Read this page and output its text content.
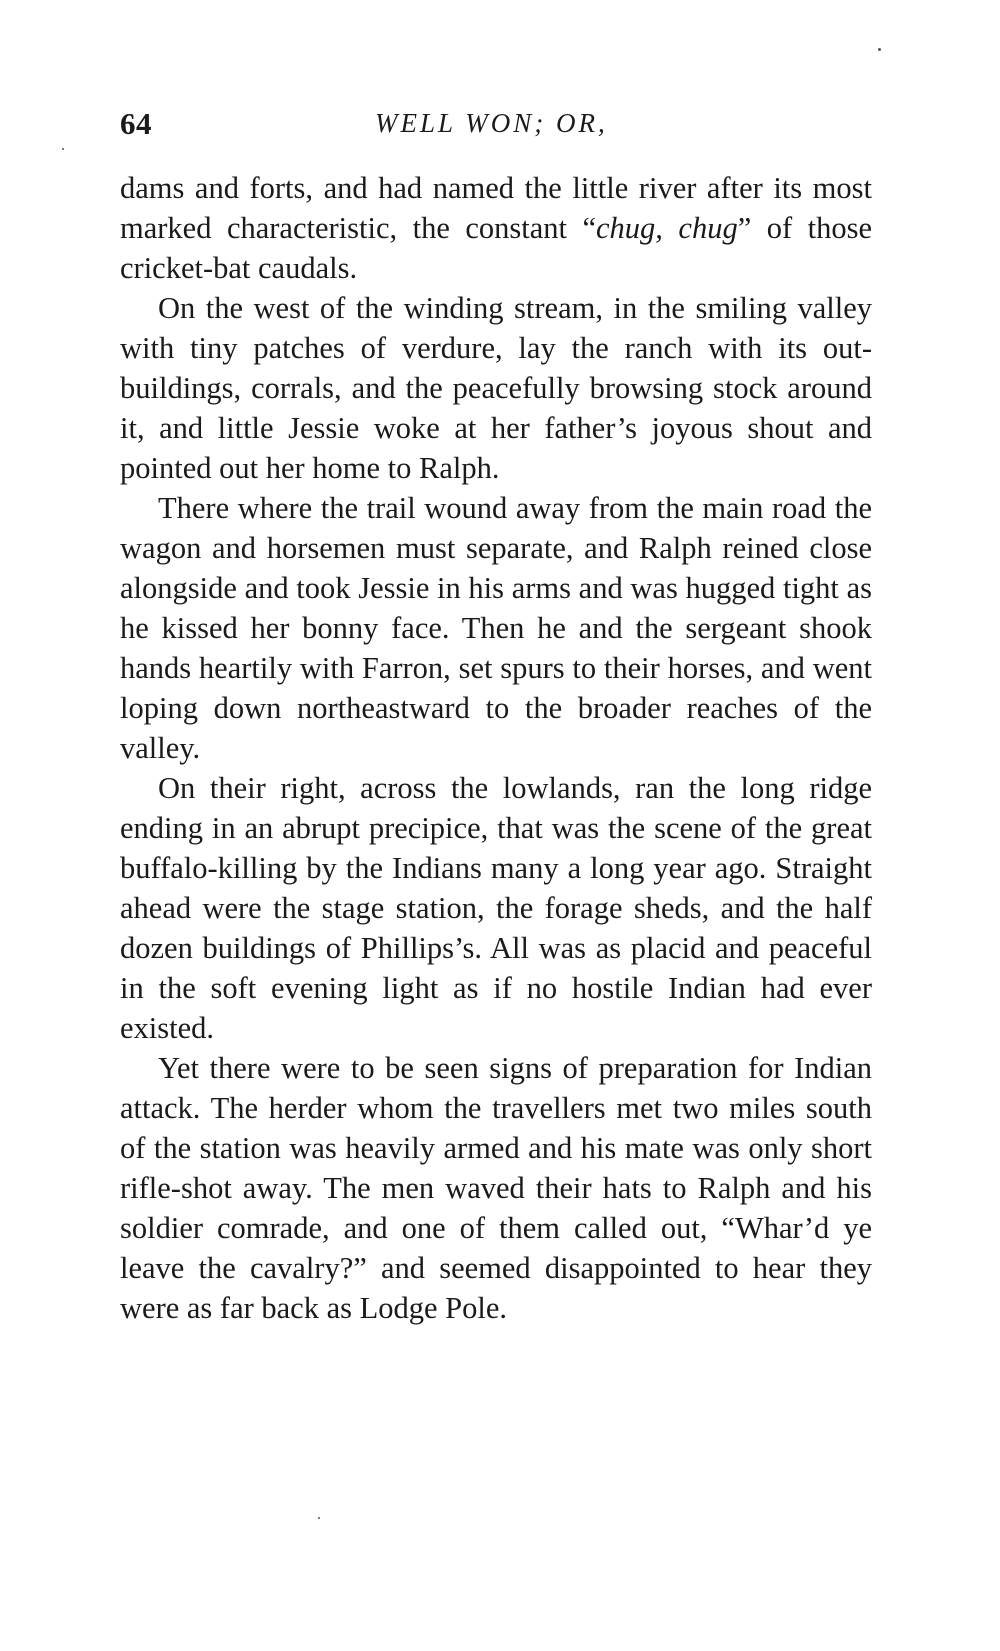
64	WELL WON; OR,

dams and forts, and had named the little river after its most marked characteristic, the constant “chug, chug” of those cricket-bat caudals.

On the west of the winding stream, in the smiling valley with tiny patches of verdure, lay the ranch with its out-buildings, corrals, and the peacefully browsing stock around it, and little Jessie woke at her father’s joyous shout and pointed out her home to Ralph.

There where the trail wound away from the main road the wagon and horsemen must separate, and Ralph reined close alongside and took Jessie in his arms and was hugged tight as he kissed her bonny face. Then he and the sergeant shook hands heartily with Farron, set spurs to their horses, and went loping down northeastward to the broader reaches of the valley.

On their right, across the lowlands, ran the long ridge ending in an abrupt precipice, that was the scene of the great buffalo-killing by the Indians many a long year ago. Straight ahead were the stage station, the forage sheds, and the half dozen buildings of Phillips’s. All was as placid and peaceful in the soft evening light as if no hostile Indian had ever existed.

Yet there were to be seen signs of preparation for Indian attack. The herder whom the travellers met two miles south of the station was heavily armed and his mate was only short rifle-shot away. The men waved their hats to Ralph and his soldier comrade, and one of them called out, “Whar’d ye leave the cavalry?” and seemed disappointed to hear they were as far back as Lodge Pole.
